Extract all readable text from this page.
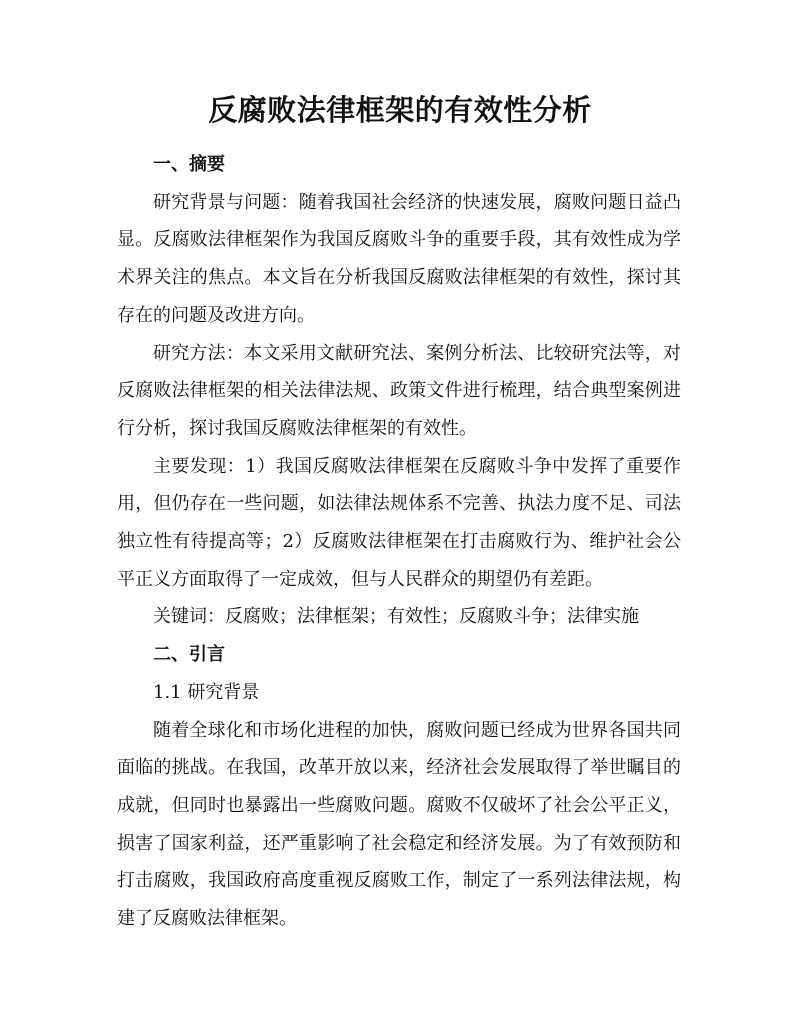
反腐败法律框架的有效性分析
一、摘要

研究背景与问题：随着我国社会经济的快速发展，腐败问题日益凸显。反腐败法律框架作为我国反腐败斗争的重要手段，其有效性成为学术界关注的焦点。本文旨在分析我国反腐败法律框架的有效性，探讨其存在的问题及改进方向。

研究方法：本文采用文献研究法、案例分析法、比较研究法等，对反腐败法律框架的相关法律法规、政策文件进行梳理，结合典型案例进行分析，探讨我国反腐败法律框架的有效性。

主要发现：1）我国反腐败法律框架在反腐败斗争中发挥了重要作用，但仍存在一些问题，如法律法规体系不完善、执法力度不足、司法独立性有待提高等；2）反腐败法律框架在打击腐败行为、维护社会公平正义方面取得了一定成效，但与人民群众的期望仍有差距。

关键词：反腐败；法律框架；有效性；反腐败斗争；法律实施

二、引言
1.1 研究背景

随着全球化和市场化进程的加快，腐败问题已经成为世界各国共同面临的挑战。在我国，改革开放以来，经济社会发展取得了举世瞩目的成就，但同时也暴露出一些腐败问题。腐败不仅破坏了社会公平正义，损害了国家利益，还严重影响了社会稳定和经济发展。为了有效预防和打击腐败，我国政府高度重视反腐败工作，制定了一系列法律法规，构建了反腐败法律框架。
